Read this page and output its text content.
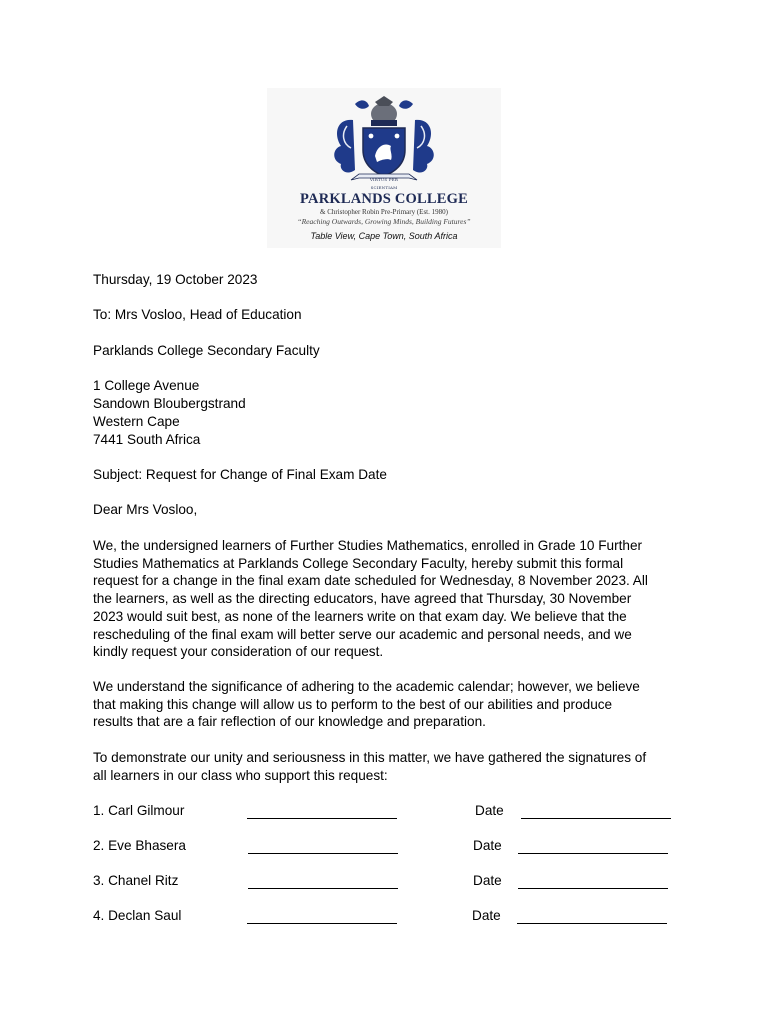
VIRTUS PER SCIENTIAM
PARKLANDS COLLEGE
& Christopher Robin Pre-Primary (Est. 1980)
“Reaching Outwards, Growing Minds, Building Futures”
Table View, Cape Town, South Africa
Thursday, 19 October 2023
To: Mrs Vosloo, Head of Education
Parklands College Secondary Faculty
1 College Avenue
Sandown Bloubergstrand
Western Cape
7441 South Africa
Subject: Request for Change of Final Exam Date
Dear Mrs Vosloo,
We, the undersigned learners of Further Studies Mathematics, enrolled in Grade 10 Further
Studies Mathematics at Parklands College Secondary Faculty, hereby submit this formal
request for a change in the final exam date scheduled for Wednesday, 8 November 2023. All
the learners, as well as the directing educators, have agreed that Thursday, 30 November
2023 would suit best, as none of the learners write on that exam day. We believe that the
rescheduling of the final exam will better serve our academic and personal needs, and we
kindly request your consideration of our request.
We understand the significance of adhering to the academic calendar; however, we believe
that making this change will allow us to perform to the best of our abilities and produce
results that are a fair reflection of our knowledge and preparation.
To demonstrate our unity and seriousness in this matter, we have gathered the signatures of
all learners in our class who support this request:
1. Carl Gilmour	Date
2. Eve Bhasera	Date
3. Chanel Ritz	Date
4. Declan Saul	Date
